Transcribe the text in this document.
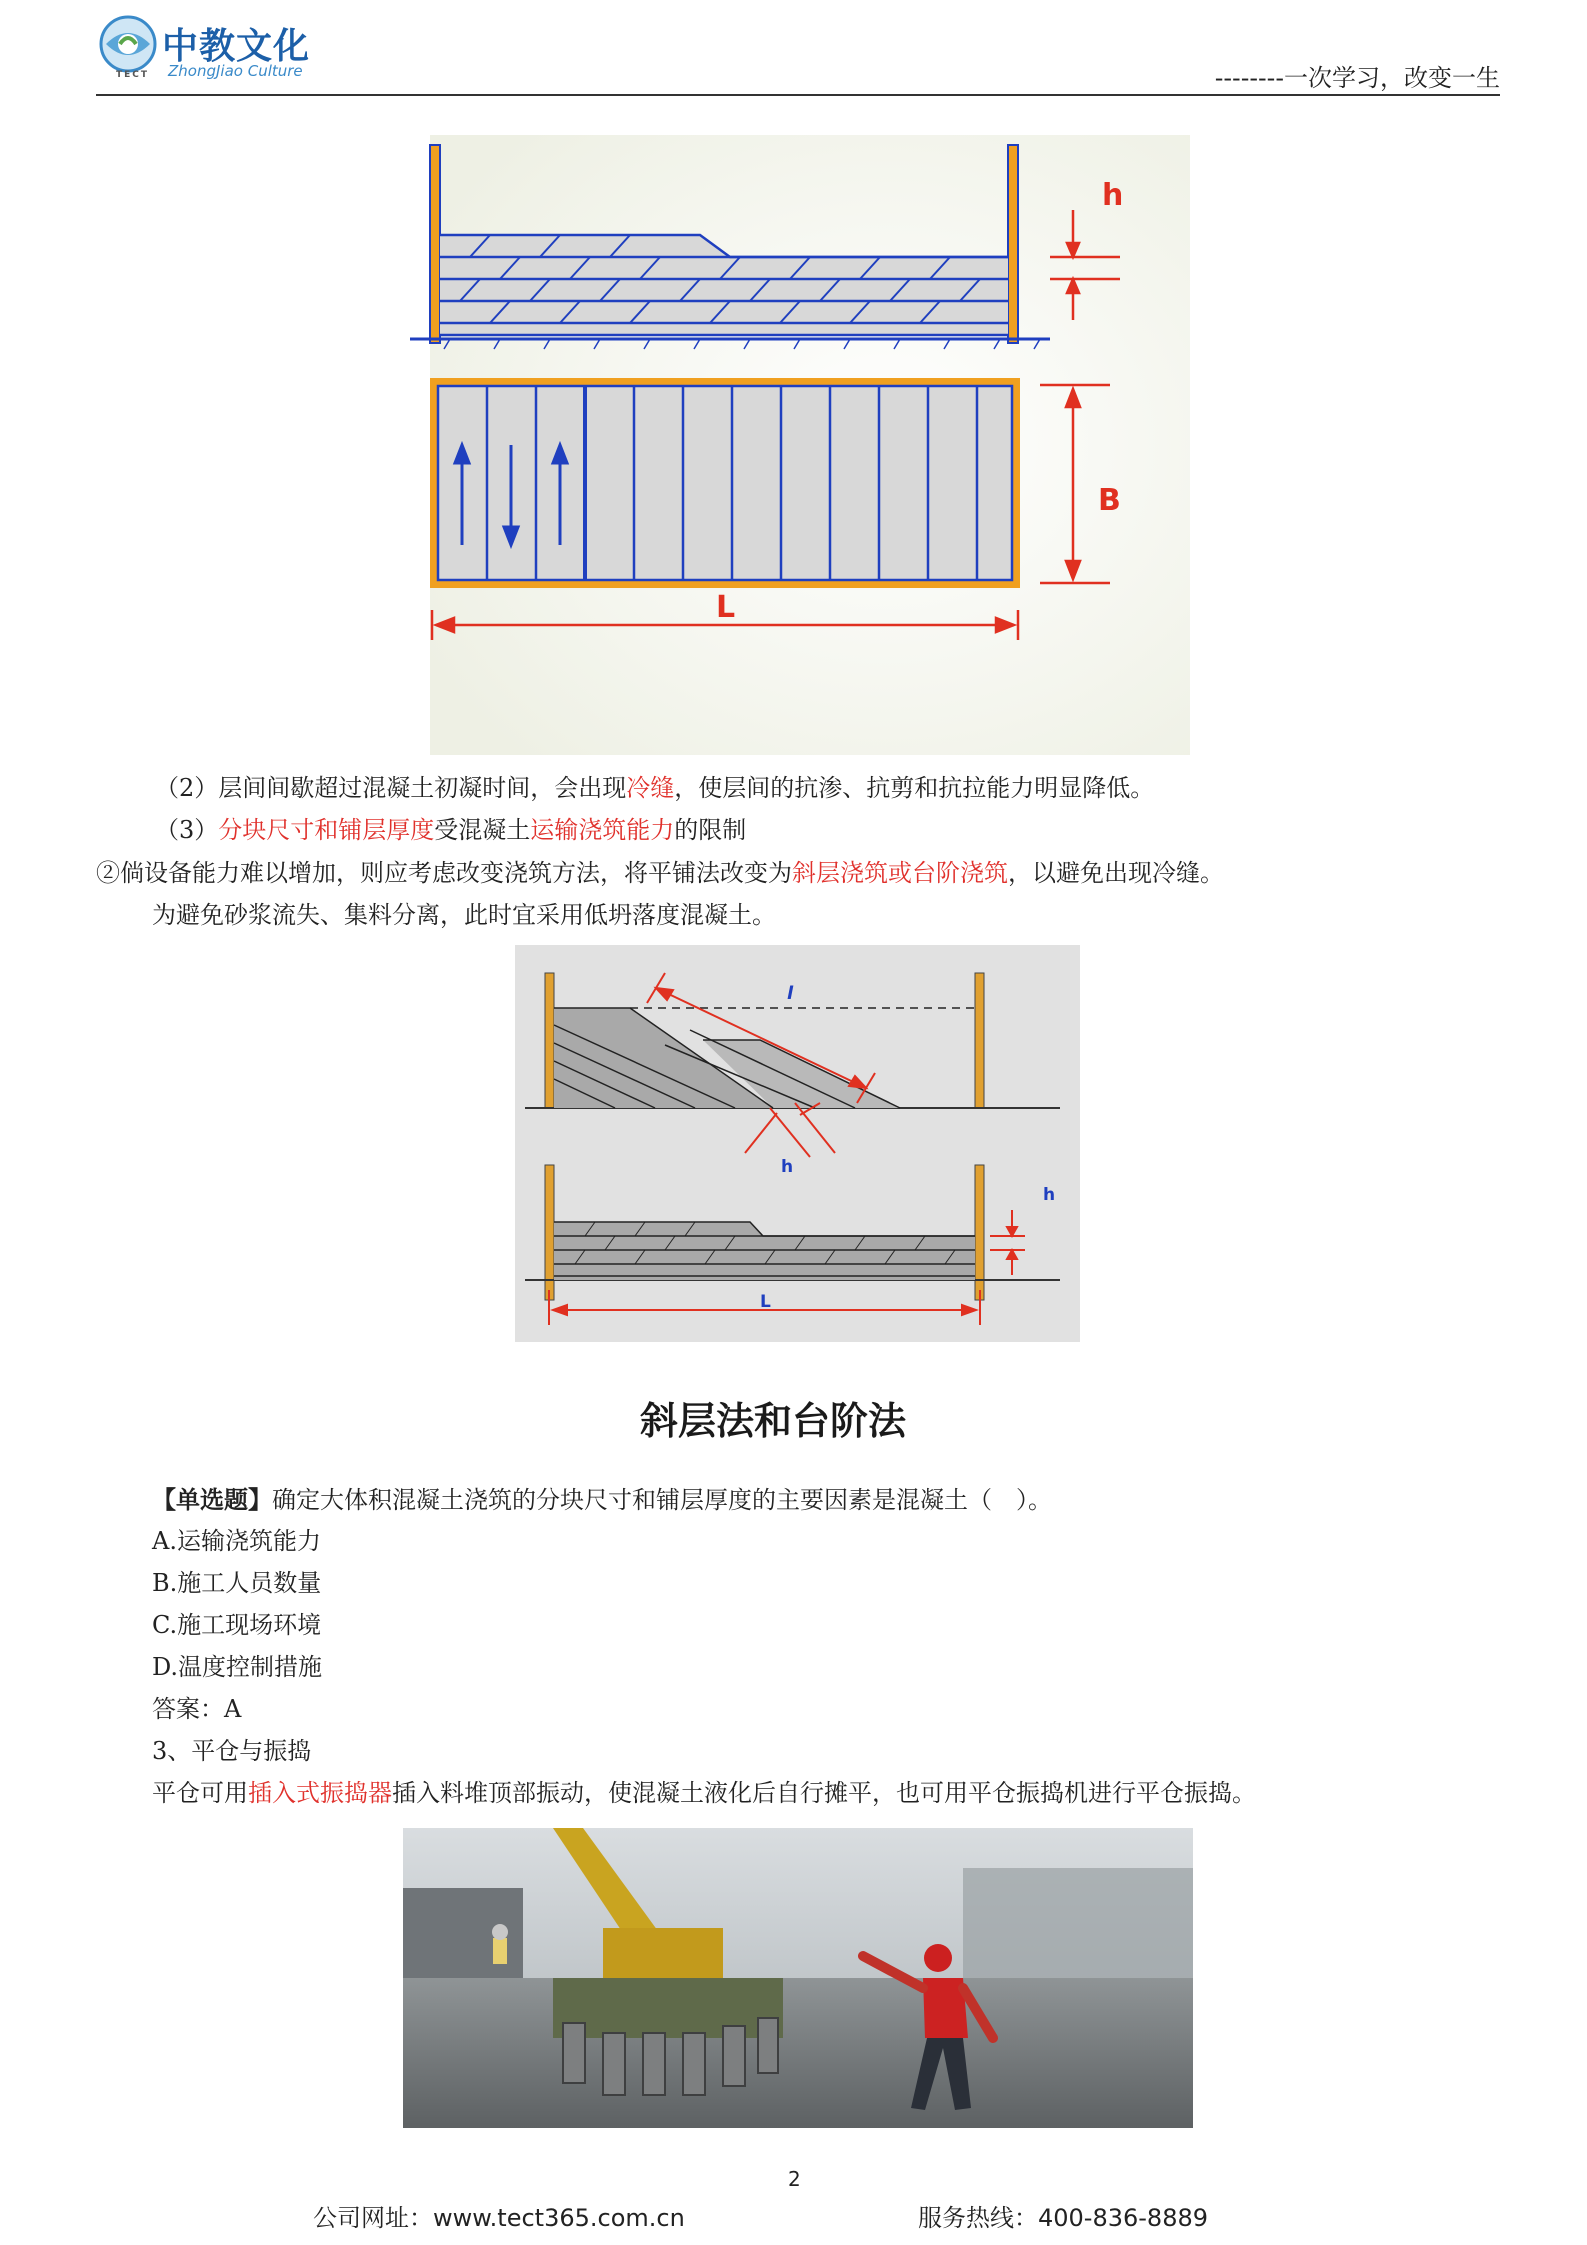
TECT
中教文化
ZhongJiao Culture	--------一次学习，改变一生
h
B
L
（2）层间间歇超过混凝土初凝时间，会出现冷缝，使层间的抗渗、抗剪和抗拉能力明显降低。
（3）分块尺寸和铺层厚度受混凝土运输浇筑能力的限制
②倘设备能力难以增加，则应考虑改变浇筑方法，将平铺法改变为斜层浇筑或台阶浇筑，以避免出现冷缝。
为避免砂浆流失、集料分离，此时宜采用低坍落度混凝土。
l
h
h
L
斜层法和台阶法
【单选题】确定大体积混凝土浇筑的分块尺寸和铺层厚度的主要因素是混凝土（　）。
A.运输浇筑能力
B.施工人员数量
C.施工现场环境
D.温度控制措施
答案：A
3、平仓与振捣
平仓可用插入式振捣器插入料堆顶部振动，使混凝土液化后自行摊平，也可用平仓振捣机进行平仓振捣。
2
公司网址：www.tect365.com.cn	服务热线：400-836-8889
